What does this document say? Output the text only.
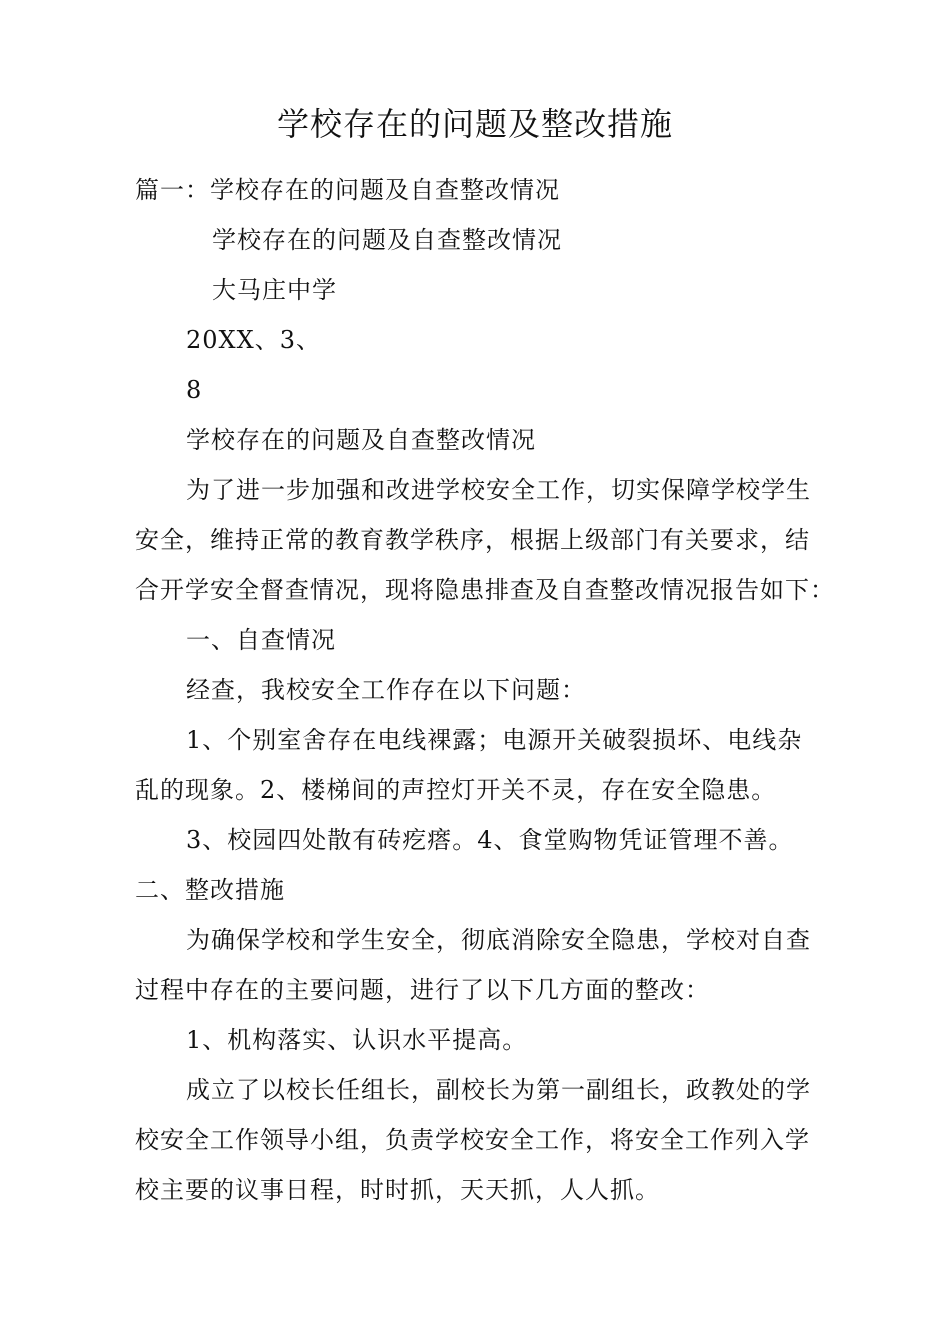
学校存在的问题及整改措施
篇一：学校存在的问题及自查整改情况
学校存在的问题及自查整改情况
大马庄中学
20XX、3、
8
学校存在的问题及自查整改情况
为了进一步加强和改进学校安全工作，切实保障学校学生
安全，维持正常的教育教学秩序，根据上级部门有关要求，结
合开学安全督查情况，现将隐患排查及自查整改情况报告如下：
一、自查情况
经查，我校安全工作存在以下问题：
1、个别室舍存在电线裸露；电源开关破裂损坏、电线杂
乱的现象。2、楼梯间的声控灯开关不灵，存在安全隐患。
3、校园四处散有砖疙瘩。4、食堂购物凭证管理不善。
二、整改措施
为确保学校和学生安全，彻底消除安全隐患，学校对自查
过程中存在的主要问题，进行了以下几方面的整改：
1、机构落实、认识水平提高。
成立了以校长任组长，副校长为第一副组长，政教处的学
校安全工作领导小组，负责学校安全工作，将安全工作列入学
校主要的议事日程，时时抓，天天抓，人人抓。
